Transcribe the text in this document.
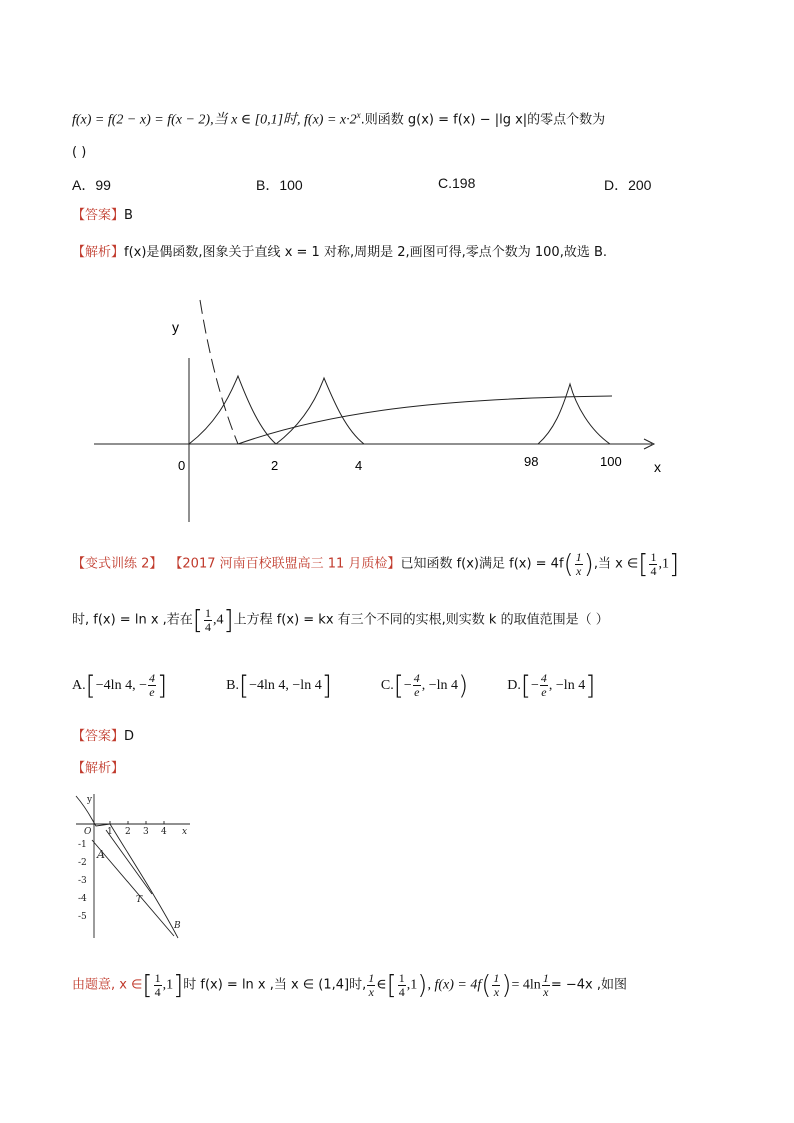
f(x) = f(2 − x) = f(x − 2),当 x ∈ [0,1]时, $f(x) = x\cdot 2^x$.则函数 g(x) = f(x) − |lg x|的零点个数为
( )
A．99	B．100	C.198	D．200
【答案】B
【解析】f(x)是偶函数,图象关于直线 x = 1 对称,周期是 2,画图可得,零点个数为 100,故选 B.
y
x
0	2	4	98	100
【变式训练 2】 【2017 河南百校联盟高三 11 月质检】已知函数 f(x)满足 $f(x) = 4f( \frac{1}{x}$ ),当 x ∈[ $\frac{1}{4} ,1$]
时, f(x) = ln x ,若在[ $\frac{1}{4} ,4$]上方程 f(x) = kx 有三个不同的实根,则实数 k 的取值范围是（ ）
A.[−4ln 4, − $\frac{4}{e}$ ]	B.[−4ln 4, −ln 4]	$C.[- \frac{4}{e}$ , −ln 4)	$D.[- \frac{4}{e}$ , −ln 4]
【答案】D
【解析】
y
O 1 2 3 4 x
-1
-2
-3
-4
-5
A
T
B
由题意, x ∈[ $\frac{1}{4} ,1$]时 f(x) = ln x ,当 x ∈ (1,4]时, $\frac{1}{x}$ ∈[ $\frac{1}{4} ,1$), $f(x) = 4f( \frac{1}{x}$ )= $4\ln \frac{1}{x} = -4x$ ,如图
